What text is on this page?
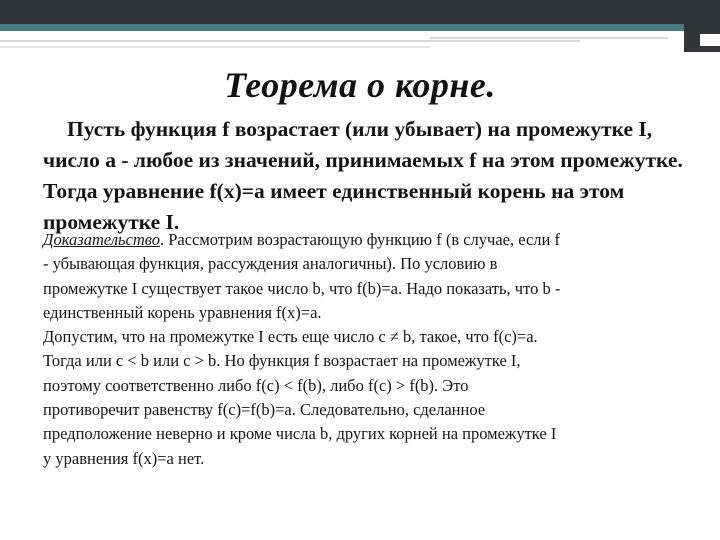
Теорема о корне.
Пусть функция f возрастает (или убывает) на промежутке I, число а - любое из значений, принимаемых f на этом промежутке. Тогда уравнение f(x)=а имеет единственный корень на этом промежутке I.
Доказательство. Рассмотрим возрастающую функцию f (в случае, если f
- убывающая функция, рассуждения аналогичны). По условию в
промежутке I существует такое число b, что f(b)=а. Надо показать, что b -
единственный корень уравнения f(x)=а.
Допустим, что на промежутке I есть еще число с ≠ b, такое, что f(с)=а.
Тогда или с < b или с > b. Но функция f возрастает на промежутке I,
поэтому соответственно либо f(с) < f(b), либо f(с) > f(b). Это
противоречит равенству f(с)=f(b)=а. Следовательно, сделанное
предположение неверно и кроме числа b, других корней на промежутке I
у уравнения f(x)=а нет.
